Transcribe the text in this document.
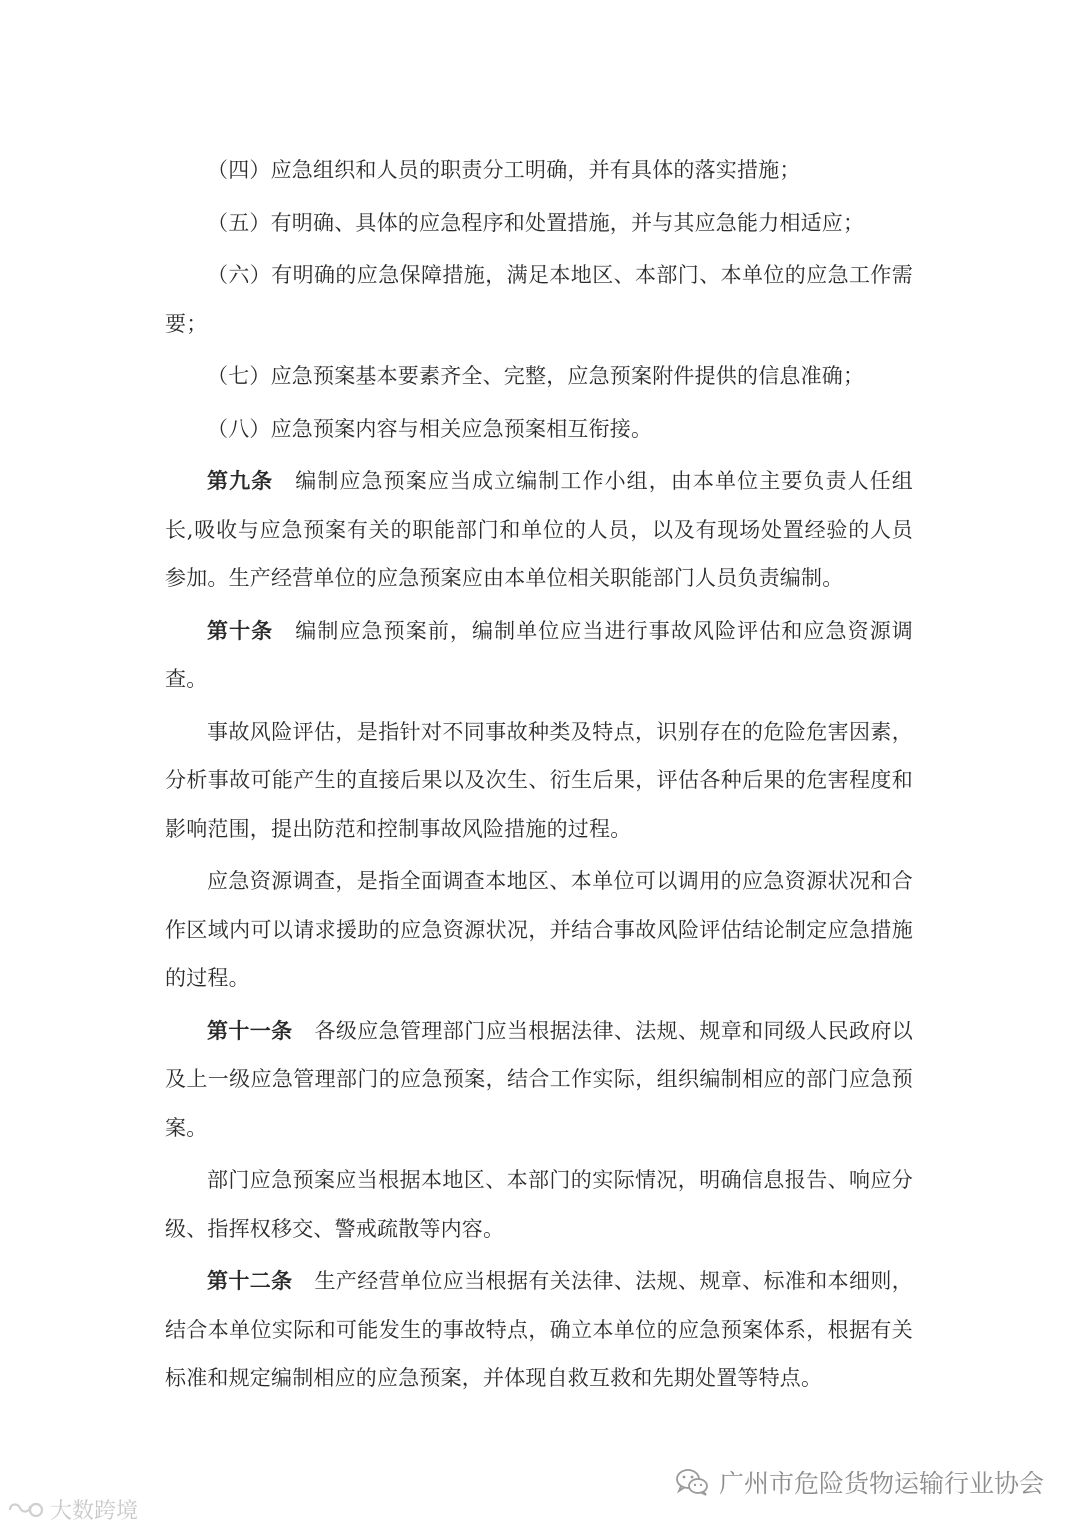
（四）应急组织和人员的职责分工明确，并有具体的落实措施；

（五）有明确、具体的应急程序和处置措施，并与其应急能力相适应；

（六）有明确的应急保障措施，满足本地区、本部门、本单位的应急工作需要；

（七）应急预案基本要素齐全、完整，应急预案附件提供的信息准确；

（八）应急预案内容与相关应急预案相互衔接。

第九条 编制应急预案应当成立编制工作小组，由本单位主要负责人任组长,吸收与应急预案有关的职能部门和单位的人员，以及有现场处置经验的人员参加。生产经营单位的应急预案应由本单位相关职能部门人员负责编制。

第十条 编制应急预案前，编制单位应当进行事故风险评估和应急资源调查。

事故风险评估，是指针对不同事故种类及特点，识别存在的危险危害因素，分析事故可能产生的直接后果以及次生、衍生后果，评估各种后果的危害程度和影响范围，提出防范和控制事故风险措施的过程。

应急资源调查，是指全面调查本地区、本单位可以调用的应急资源状况和合作区域内可以请求援助的应急资源状况，并结合事故风险评估结论制定应急措施的过程。

第十一条 各级应急管理部门应当根据法律、法规、规章和同级人民政府以及上一级应急管理部门的应急预案，结合工作实际，组织编制相应的部门应急预案。

部门应急预案应当根据本地区、本部门的实际情况，明确信息报告、响应分级、指挥权移交、警戒疏散等内容。

第十二条 生产经营单位应当根据有关法律、法规、规章、标准和本细则，结合本单位实际和可能发生的事故特点，确立本单位的应急预案体系，根据有关标准和规定编制相应的应急预案，并体现自救互救和先期处置等特点。

广州市危险货物运输行业协会
大数跨境
